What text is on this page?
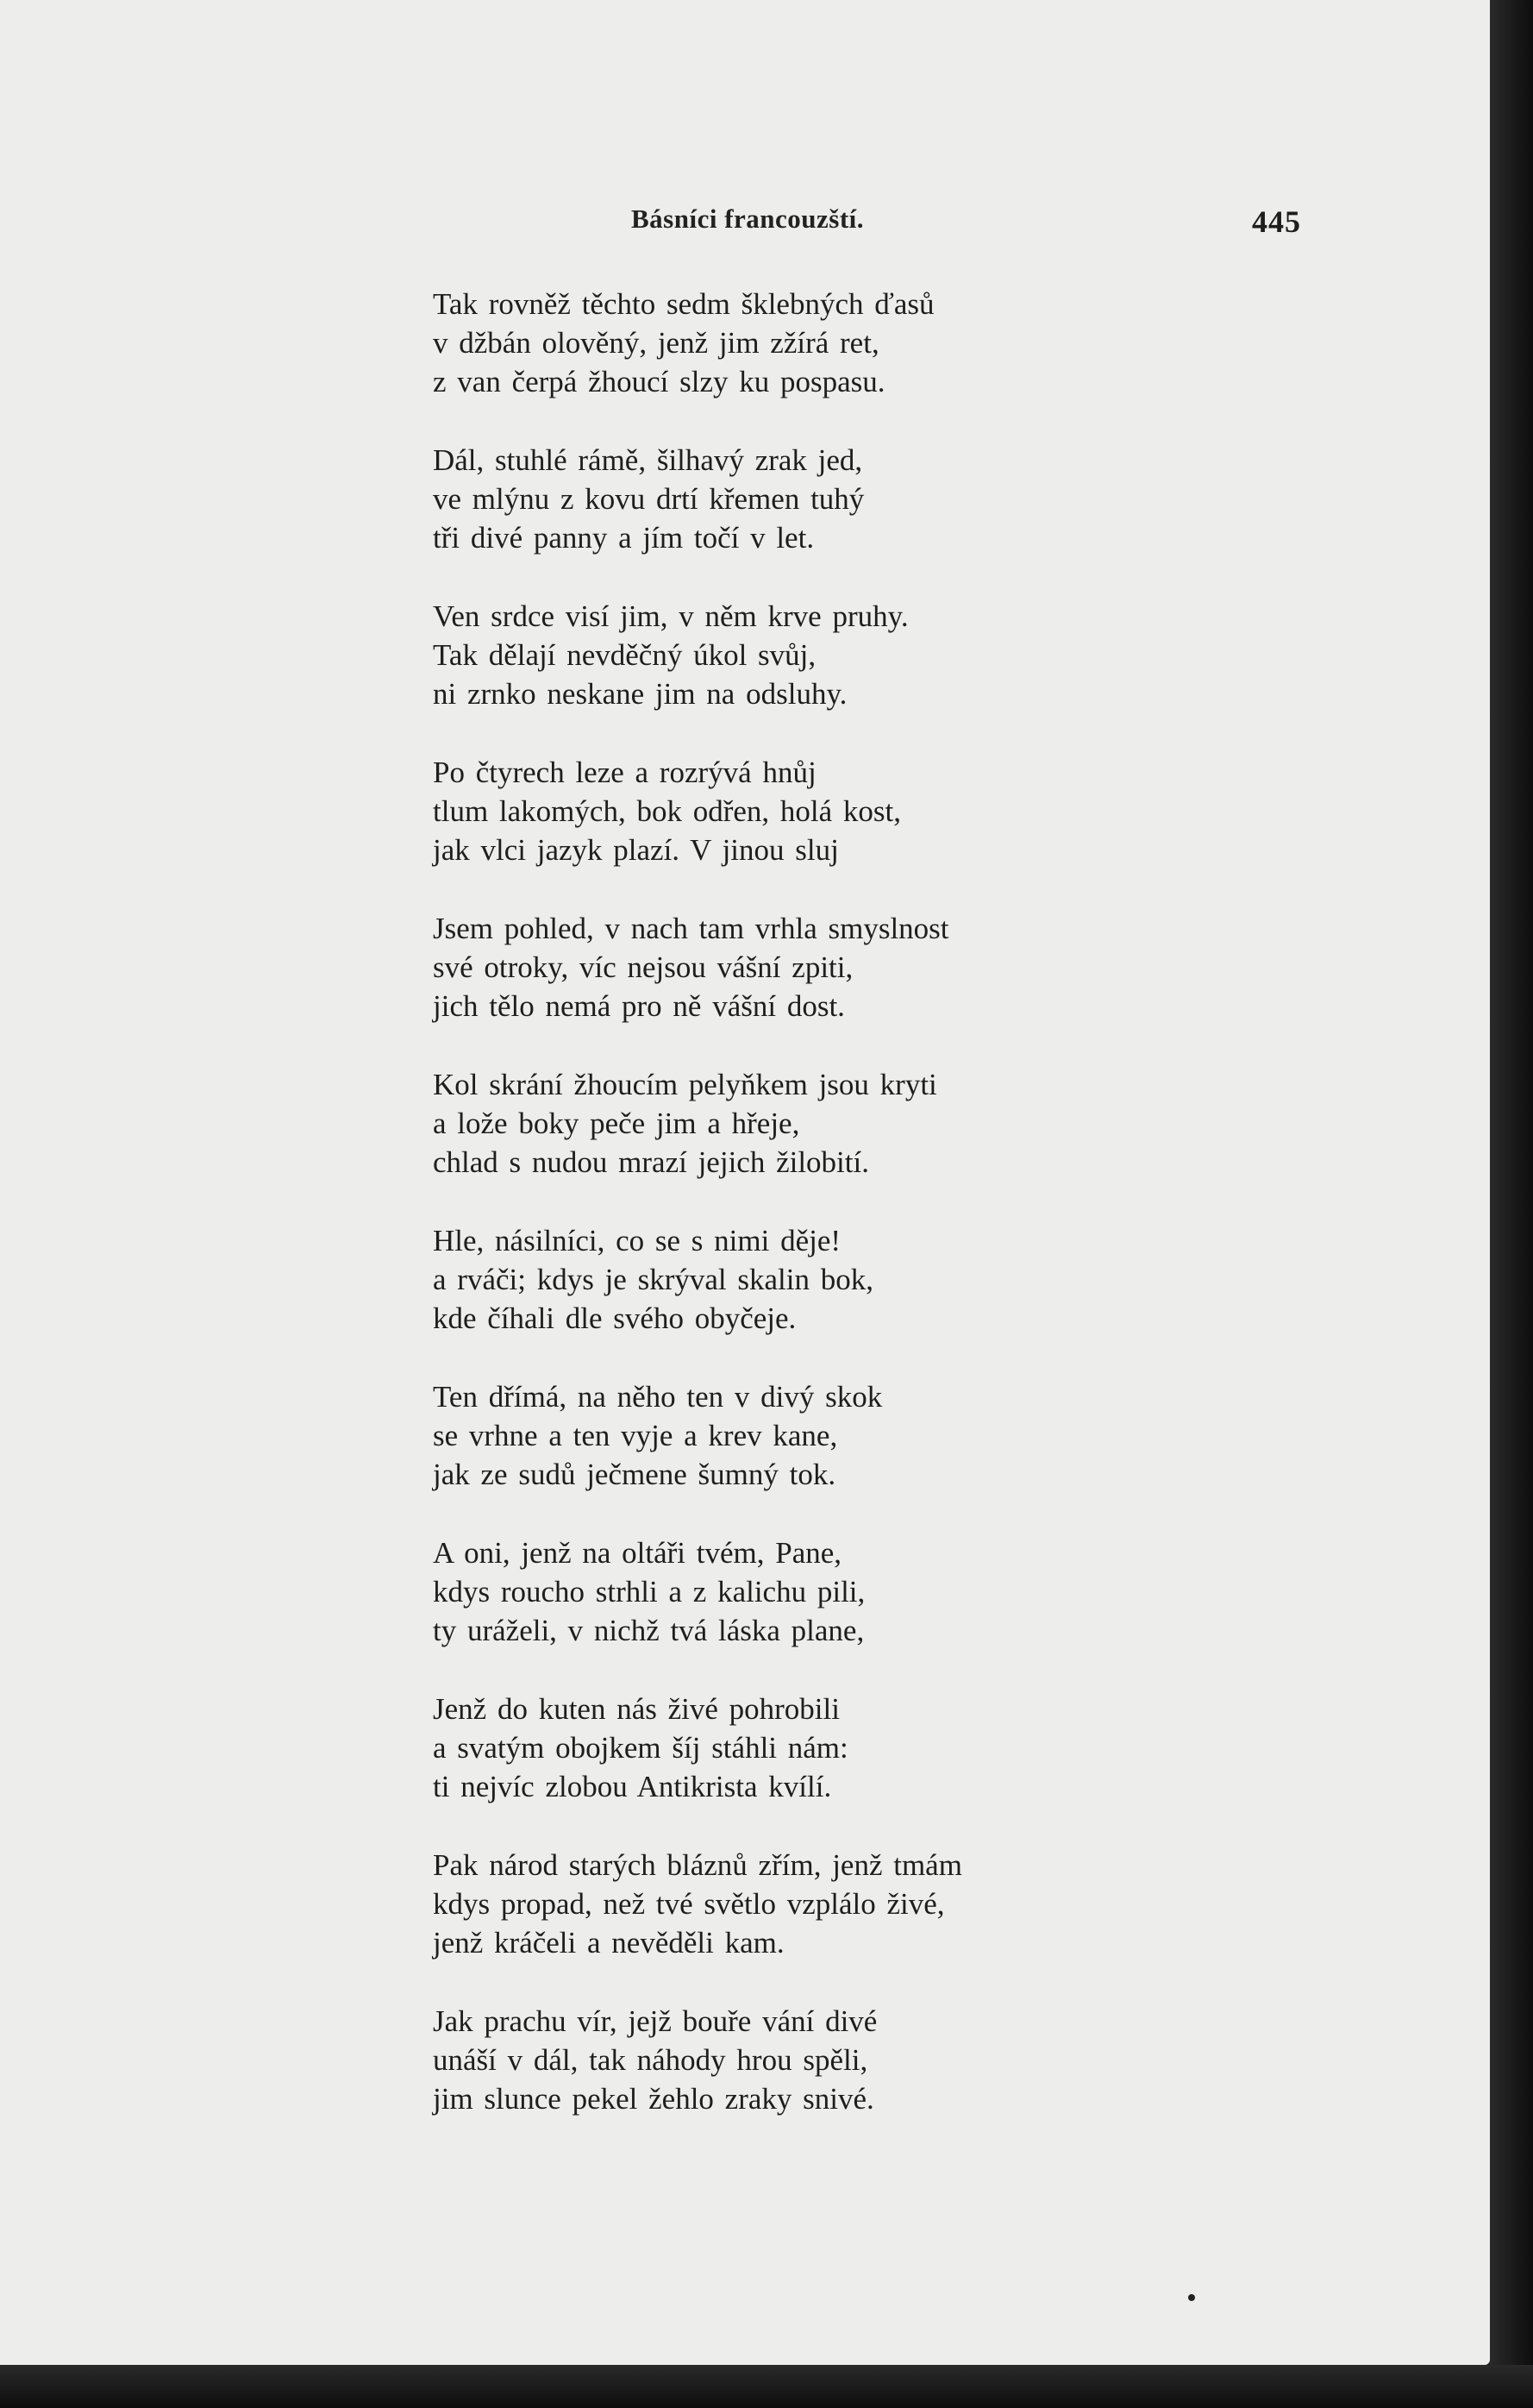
Básníci francouzští.	445
Tak rovněž těchto sedm šklebných ďasů
v džbán olověný, jenž jim zžírá ret,
z van čerpá žhoucí slzy ku pospasu.
Dál, stuhlé rámě, šilhavý zrak jed,
ve mlýnu z kovu drtí křemen tuhý
tři divé panny a jím točí v let.
Ven srdce visí jim, v něm krve pruhy.
Tak dělají nevděčný úkol svůj,
ni zrnko neskane jim na odsluhy.
Po čtyrech leze a rozrývá hnůj
tlum lakomých, bok odřen, holá kost,
jak vlci jazyk plazí. V jinou sluj
Jsem pohled, v nach tam vrhla smyslnost
své otroky, víc nejsou vášní zpiti,
jich tělo nemá pro ně vášní dost.
Kol skrání žhoucím pelyňkem jsou kryti
a lože boky peče jim a hřeje,
chlad s nudou mrazí jejich žilobití.
Hle, násilníci, co se s nimi děje!
a rváči; kdys je skrýval skalin bok,
kde číhali dle svého obyčeje.
Ten dřímá, na něho ten v divý skok
se vrhne a ten vyje a krev kane,
jak ze sudů ječmene šumný tok.
A oni, jenž na oltáři tvém, Pane,
kdys roucho strhli a z kalichu pili,
ty uráželi, v nichž tvá láska plane,
Jenž do kuten nás živé pohrobili
a svatým obojkem šíj stáhli nám:
ti nejvíc zlobou Antikrista kvílí.
Pak národ starých bláznů zřím, jenž tmám
kdys propad, než tvé světlo vzplálo živé,
jenž kráčeli a nevěděli kam.
Jak prachu vír, jejž bouře vání divé
unáší v dál, tak náhody hrou spěli,
jim slunce pekel žehlo zraky snivé.
